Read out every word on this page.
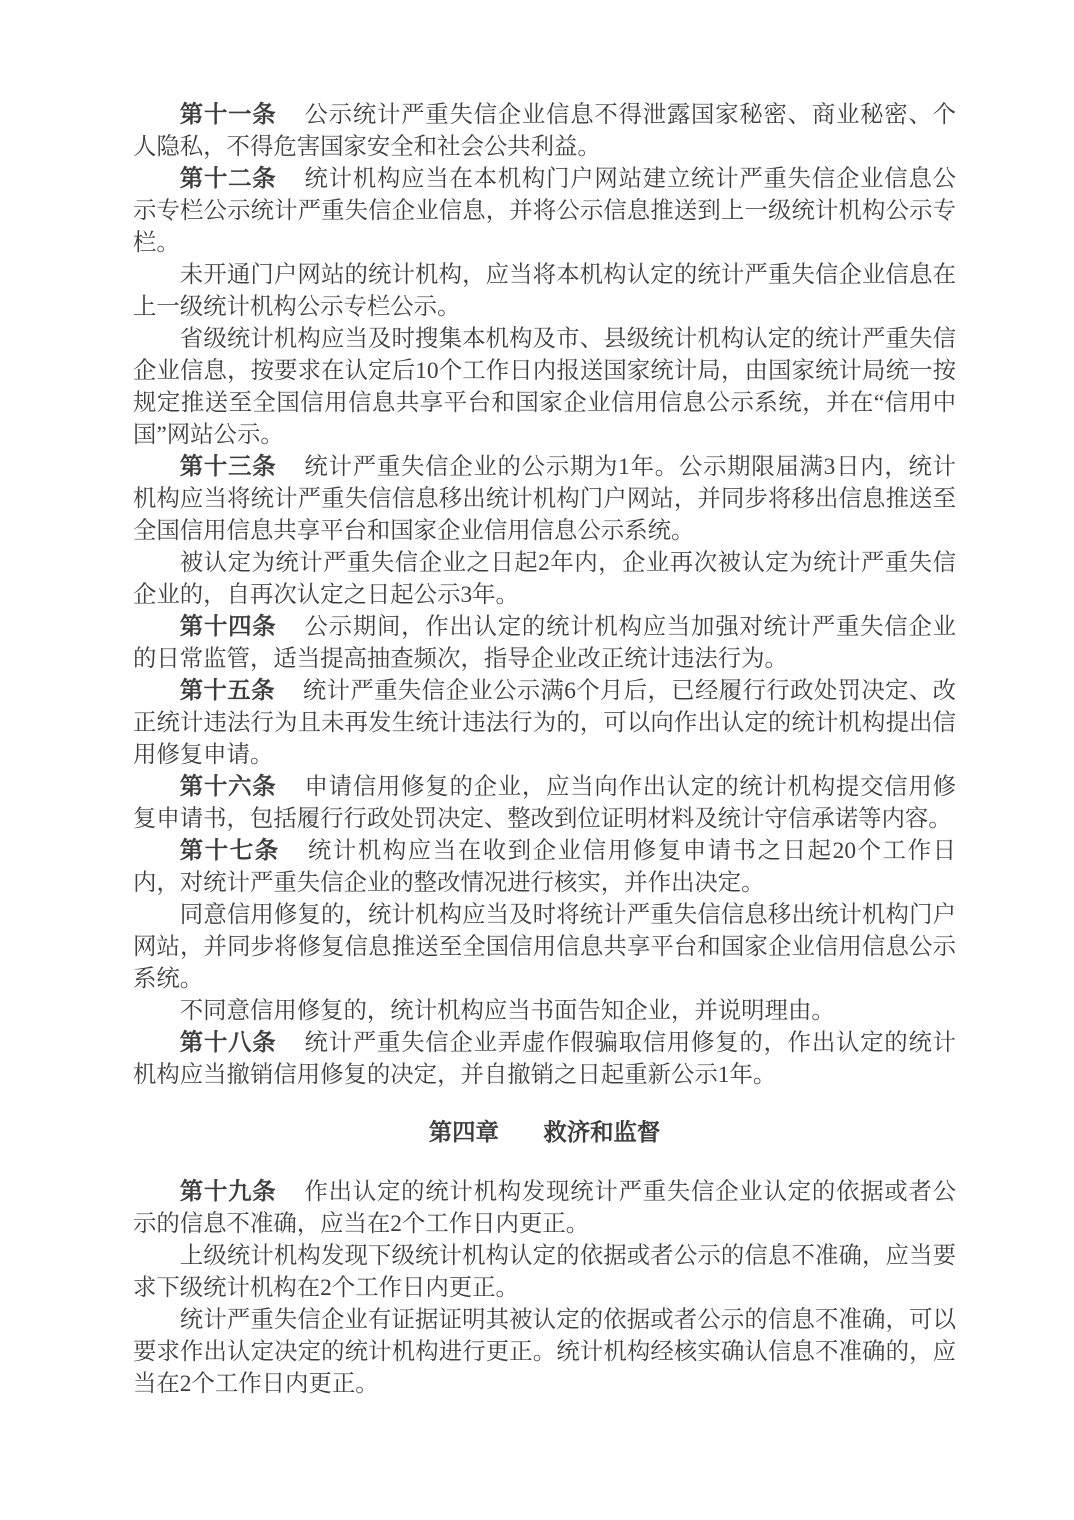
第十一条 公示统计严重失信企业信息不得泄露国家秘密、商业秘密、个人隐私，不得危害国家安全和社会公共利益。

第十二条 统计机构应当在本机构门户网站建立统计严重失信企业信息公示专栏公示统计严重失信企业信息，并将公示信息推送到上一级统计机构公示专栏。

未开通门户网站的统计机构，应当将本机构认定的统计严重失信企业信息在上一级统计机构公示专栏公示。

省级统计机构应当及时搜集本机构及市、县级统计机构认定的统计严重失信企业信息，按要求在认定后10个工作日内报送国家统计局，由国家统计局统一按规定推送至全国信用信息共享平台和国家企业信用信息公示系统，并在“信用中国”网站公示。

第十三条 统计严重失信企业的公示期为1年。公示期限届满3日内，统计机构应当将统计严重失信信息移出统计机构门户网站，并同步将移出信息推送至全国信用信息共享平台和国家企业信用信息公示系统。

被认定为统计严重失信企业之日起2年内，企业再次被认定为统计严重失信企业的，自再次认定之日起公示3年。

第十四条 公示期间，作出认定的统计机构应当加强对统计严重失信企业的日常监管，适当提高抽查频次，指导企业改正统计违法行为。

第十五条 统计严重失信企业公示满6个月后，已经履行行政处罚决定、改正统计违法行为且未再发生统计违法行为的，可以向作出认定的统计机构提出信用修复申请。

第十六条 申请信用修复的企业，应当向作出认定的统计机构提交信用修复申请书，包括履行行政处罚决定、整改到位证明材料及统计守信承诺等内容。

第十七条 统计机构应当在收到企业信用修复申请书之日起20个工作日内，对统计严重失信企业的整改情况进行核实，并作出决定。

同意信用修复的，统计机构应当及时将统计严重失信信息移出统计机构门户网站，并同步将修复信息推送至全国信用信息共享平台和国家企业信用信息公示系统。

不同意信用修复的，统计机构应当书面告知企业，并说明理由。

第十八条 统计严重失信企业弄虚作假骗取信用修复的，作出认定的统计机构应当撤销信用修复的决定，并自撤销之日起重新公示1年。

第四章 救济和监督

第十九条 作出认定的统计机构发现统计严重失信企业认定的依据或者公示的信息不准确，应当在2个工作日内更正。

上级统计机构发现下级统计机构认定的依据或者公示的信息不准确，应当要求下级统计机构在2个工作日内更正。

统计严重失信企业有证据证明其被认定的依据或者公示的信息不准确，可以要求作出认定决定的统计机构进行更正。统计机构经核实确认信息不准确的，应当在2个工作日内更正。
